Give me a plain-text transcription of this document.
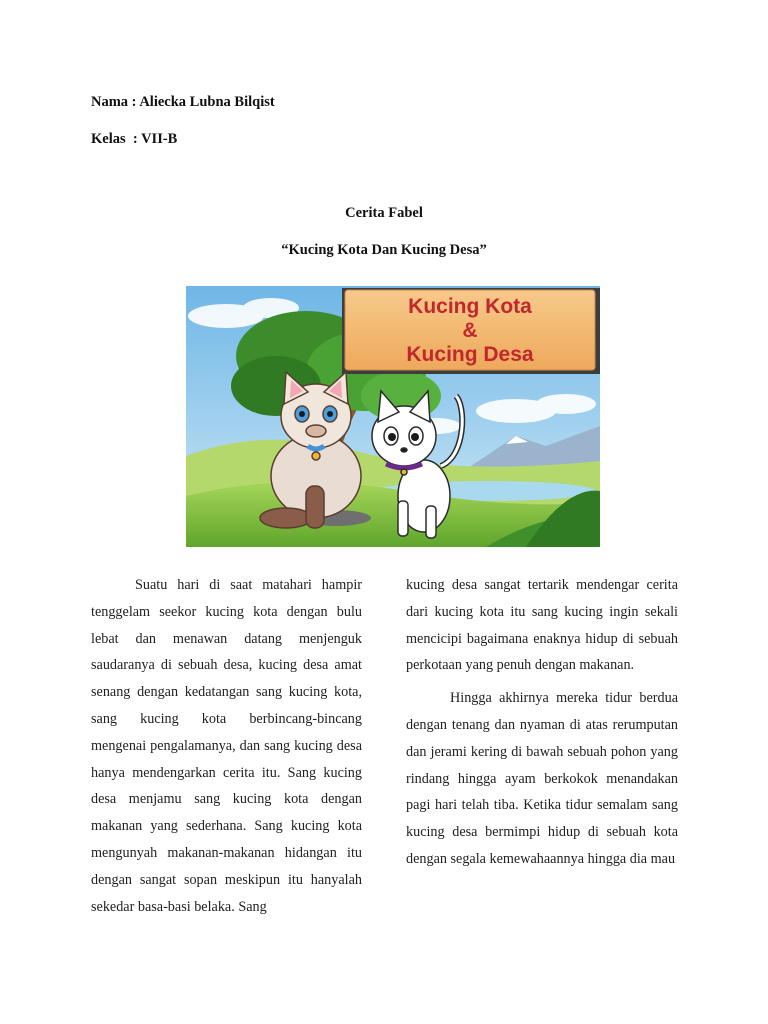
Nama : Aliecka Lubna Bilqist
Kelas  : VII-B
Cerita Fabel
“Kucing Kota Dan Kucing Desa”
Kucing Kota
&
Kucing Desa

Suatu hari di saat matahari hampir tenggelam seekor kucing kota dengan bulu lebat dan menawan datang menjenguk saudaranya di sebuah desa, kucing desa amat senang dengan kedatangan sang kucing kota, sang kucing kota berbincang-bincang mengenai pengalamanya, dan sang kucing desa hanya mendengarkan cerita itu. Sang kucing desa menjamu sang kucing kota dengan makanan yang sederhana. Sang kucing kota mengunyah makanan-makanan hidangan itu dengan sangat sopan meskipun itu hanyalah sekedar basa-basi belaka. Sang

kucing desa sangat tertarik mendengar cerita dari kucing kota itu sang kucing ingin sekali mencicipi bagaimana enaknya hidup di sebuah perkotaan yang penuh dengan makanan.

Hingga akhirnya mereka tidur berdua dengan tenang dan nyaman di atas rerumputan dan jerami kering di bawah sebuah pohon yang rindang hingga ayam berkokok menandakan pagi hari telah tiba. Ketika tidur semalam sang kucing desa bermimpi hidup di sebuah kota dengan segala kemewahaannya hingga dia mau
